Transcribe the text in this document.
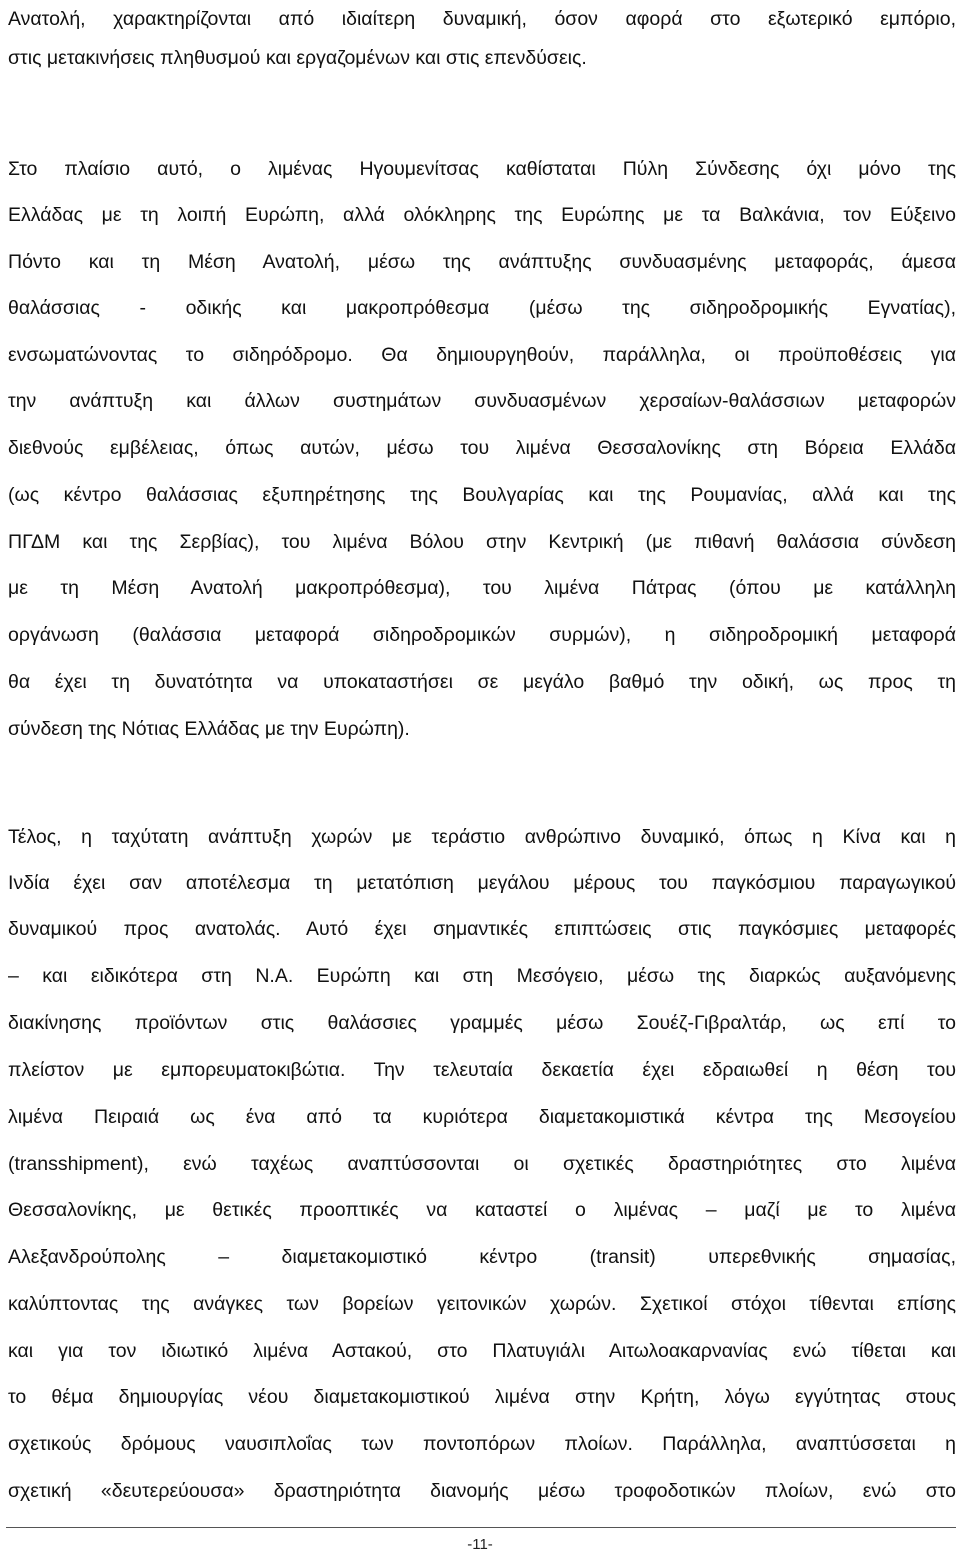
Ανατολή, χαρακτηρίζονται από ιδιαίτερη δυναμική, όσον αφορά στο εξωτερικό εμπόριο,
στις μετακινήσεις πληθυσμού και εργαζομένων και στις επενδύσεις.
Στο πλαίσιο αυτό, ο λιμένας Ηγουμενίτσας καθίσταται Πύλη Σύνδεσης όχι μόνο της
Ελλάδας με τη λοιπή Ευρώπη, αλλά ολόκληρης της Ευρώπης με τα Βαλκάνια, τον Εύξεινο
Πόντο και τη Μέση Ανατολή, μέσω της ανάπτυξης συνδυασμένης μεταφοράς, άμεσα
θαλάσσιας - οδικής και μακροπρόθεσμα (μέσω της σιδηροδρομικής Εγνατίας),
ενσωματώνοντας το σιδηρόδρομο. Θα δημιουργηθούν, παράλληλα, οι προϋποθέσεις για
την ανάπτυξη και άλλων συστημάτων συνδυασμένων χερσαίων-θαλάσσιων μεταφορών
διεθνούς εμβέλειας, όπως αυτών, μέσω του λιμένα Θεσσαλονίκης στη Βόρεια Ελλάδα
(ως κέντρο θαλάσσιας εξυπηρέτησης της Βουλγαρίας και της Ρουμανίας, αλλά και της
ΠΓΔΜ και της Σερβίας), του λιμένα Βόλου στην Κεντρική (με πιθανή θαλάσσια σύνδεση
με τη Μέση Ανατολή μακροπρόθεσμα), του λιμένα Πάτρας (όπου με κατάλληλη
οργάνωση (θαλάσσια μεταφορά σιδηροδρομικών συρμών), η σιδηροδρομική μεταφορά
θα έχει τη δυνατότητα να υποκαταστήσει σε μεγάλο βαθμό την οδική, ως προς τη
σύνδεση της Νότιας Ελλάδας με την Ευρώπη).
Τέλος, η ταχύτατη ανάπτυξη χωρών με τεράστιο ανθρώπινο δυναμικό, όπως η Κίνα και η
Ινδία έχει σαν αποτέλεσμα τη μετατόπιση μεγάλου μέρους του παγκόσμιου παραγωγικού
δυναμικού προς ανατολάς. Αυτό έχει σημαντικές επιπτώσεις στις παγκόσμιες μεταφορές
– και ειδικότερα στη Ν.Α. Ευρώπη και στη Μεσόγειο, μέσω της διαρκώς αυξανόμενης
διακίνησης προϊόντων στις θαλάσσιες γραμμές μέσω Σουέζ-Γιβραλτάρ, ως επί το
πλείστον με εμπορευματοκιβώτια. Την τελευταία δεκαετία έχει εδραιωθεί η θέση του
λιμένα Πειραιά ως ένα από τα κυριότερα διαμετακομιστικά κέντρα της Μεσογείου
(transshipment), ενώ ταχέως αναπτύσσονται οι σχετικές δραστηριότητες στο λιμένα
Θεσσαλονίκης, με θετικές προοπτικές να καταστεί ο λιμένας – μαζί με το λιμένα
Αλεξανδρούπολης – διαμετακομιστικό κέντρο (transit) υπερεθνικής σημασίας,
καλύπτοντας της ανάγκες των βορείων γειτονικών χωρών. Σχετικοί στόχοι τίθενται επίσης
και για τον ιδιωτικό λιμένα Αστακού, στο Πλατυγιάλι Αιτωλοακαρνανίας ενώ τίθεται και
το θέμα δημιουργίας νέου διαμετακομιστικού λιμένα στην Κρήτη, λόγω εγγύτητας στους
σχετικούς δρόμους ναυσιπλοΐας των ποντοπόρων πλοίων. Παράλληλα, αναπτύσσεται η
σχετική «δευτερεύουσα» δραστηριότητα διανομής μέσω τροφοδοτικών πλοίων, ενώ στο
-11-
